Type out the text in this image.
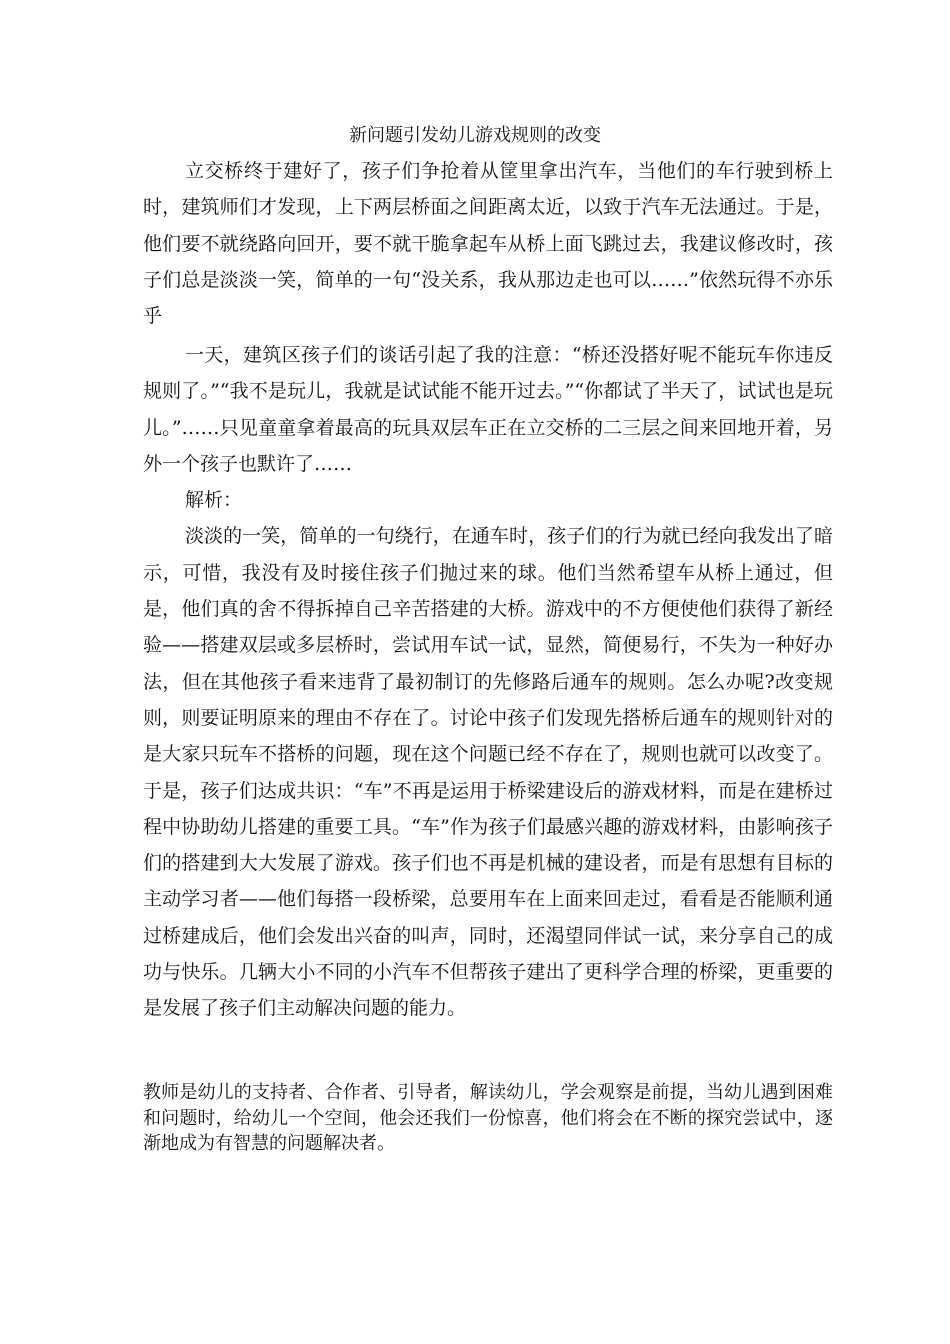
新问题引发幼儿游戏规则的改变

立交桥终于建好了，孩子们争抢着从筐里拿出汽车，当他们的车行驶到桥上时，建筑师们才发现，上下两层桥面之间距离太近，以致于汽车无法通过。于是，他们要不就绕路向回开，要不就干脆拿起车从桥上面飞跳过去，我建议修改时，孩子们总是淡淡一笑，简单的一句“没关系，我从那边走也可以……”依然玩得不亦乐乎

一天，建筑区孩子们的谈话引起了我的注意：“桥还没搭好呢不能玩车你违反规则了。”“我不是玩儿，我就是试试能不能开过去。”“你都试了半天了，试试也是玩儿。”……只见童童拿着最高的玩具双层车正在立交桥的二三层之间来回地开着，另外一个孩子也默许了……

解析：

淡淡的一笑，简单的一句绕行，在通车时，孩子们的行为就已经向我发出了暗示，可惜，我没有及时接住孩子们抛过来的球。他们当然希望车从桥上通过，但是，他们真的舍不得拆掉自己辛苦搭建的大桥。游戏中的不方便使他们获得了新经验——搭建双层或多层桥时，尝试用车试一试，显然，简便易行，不失为一种好办法，但在其他孩子看来违背了最初制订的先修路后通车的规则。怎么办呢?改变规则，则要证明原来的理由不存在了。讨论中孩子们发现先搭桥后通车的规则针对的是大家只玩车不搭桥的问题，现在这个问题已经不存在了，规则也就可以改变了。于是，孩子们达成共识：“车”不再是运用于桥梁建设后的游戏材料，而是在建桥过程中协助幼儿搭建的重要工具。“车”作为孩子们最感兴趣的游戏材料，由影响孩子们的搭建到大大发展了游戏。孩子们也不再是机械的建设者，而是有思想有目标的主动学习者——他们每搭一段桥梁，总要用车在上面来回走过，看看是否能顺利通过桥建成后，他们会发出兴奋的叫声，同时，还渴望同伴试一试，来分享自己的成功与快乐。几辆大小不同的小汽车不但帮孩子建出了更科学合理的桥梁，更重要的是发展了孩子们主动解决问题的能力。

教师是幼儿的支持者、合作者、引导者，解读幼儿，学会观察是前提，当幼儿遇到困难和问题时，给幼儿一个空间，他会还我们一份惊喜，他们将会在不断的探究尝试中，逐渐地成为有智慧的问题解决者。
